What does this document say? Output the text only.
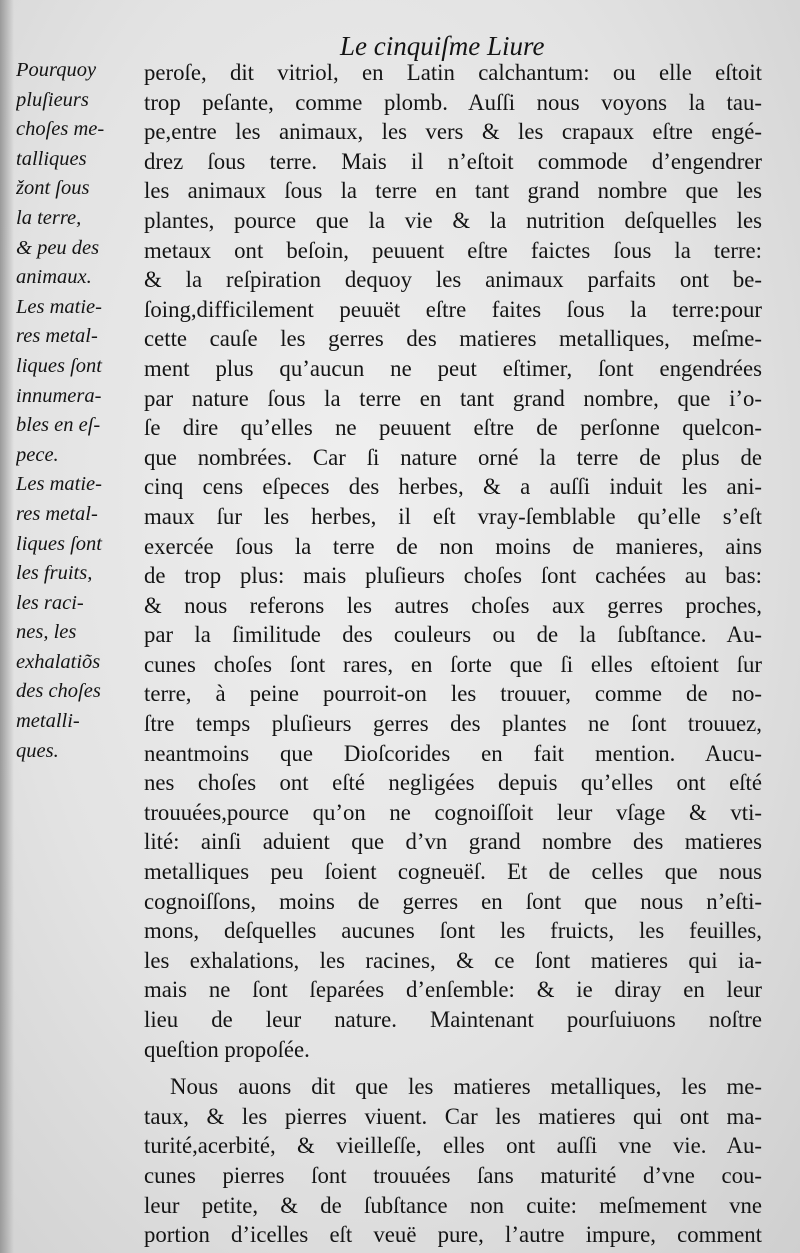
Le cinquiſme Liure
Pourquoy
pluſieurs
choſes me-
talliques
žont ſous
la terre,
& peu des
animaux.
Les matie-
res metal-
liques ſont
innumera-
bles en eſ-
pece.
Les matie-
res metal-
liques ſont
les fruits,
les raci-
nes, les
exhalatiõs
des choſes
metalli-
ques.
peroſe, dit vitriol, en Latin calchantum: ou elle eſtoit
trop peſante, comme plomb. Auſſi nous voyons la tau-
pe,entre les animaux, les vers & les crapaux eſtre engé-
drez ſous terre. Mais il n’eſtoit commode d’engendrer
les animaux ſous la terre en tant grand nombre que les
plantes, pource que la vie & la nutrition deſquelles les
metaux ont beſoin, peuuent eſtre faictes ſous la terre:
& la reſpiration dequoy les animaux parfaits ont be-
ſoing,difficilement peuuët eſtre faites ſous la terre:pour
cette cauſe les gerres des matieres metalliques, meſme-
ment plus qu’aucun ne peut eſtimer, ſont engendrées
par nature ſous la terre en tant grand nombre, que i’o-
ſe dire qu’elles ne peuuent eſtre de perſonne quelcon-
que nombrées. Car ſi nature orné la terre de plus de
cinq cens eſpeces des herbes, & a auſſi induit les ani-
maux ſur les herbes, il eſt vray-ſemblable qu’elle s’eſt
exercée ſous la terre de non moins de manieres, ains
de trop plus: mais pluſieurs choſes ſont cachées au bas:
& nous referons les autres choſes aux gerres proches,
par la ſimilitude des couleurs ou de la ſubſtance. Au-
cunes choſes ſont rares, en ſorte que ſi elles eſtoient ſur
terre, à peine pourroit-on les trouuer, comme de no-
ſtre temps pluſieurs gerres des plantes ne ſont trouuez,
neantmoins que Dioſcorides en fait mention. Aucu-
nes choſes ont eſté negligées depuis qu’elles ont eſté
trouuées,pource qu’on ne cognoiſſoit leur vſage & vti-
lité: ainſi aduient que d’vn grand nombre des matieres
metalliques peu ſoient cogneuëſ. Et de celles que nous
cognoiſſons, moins de gerres en ſont que nous n’eſti-
mons, deſquelles aucunes ſont les fruicts, les feuilles,
les exhalations, les racines, & ce ſont matieres qui ia-
mais ne ſont ſeparées d’enſemble: & ie diray en leur
lieu de leur nature. Maintenant pourſuiuons noſtre
queſtion propoſée.
Nous auons dit que les matieres metalliques, les me-
taux, & les pierres viuent. Car les matieres qui ont ma-
turité,acerbité, & vieilleſſe, elles ont auſſi vne vie. Au-
cunes pierres ſont trouuées ſans maturité d’vne cou-
leur petite, & de ſubſtance non cuite: meſmement vne
portion d’icelles eſt veuë pure, l’autre impure, comment
